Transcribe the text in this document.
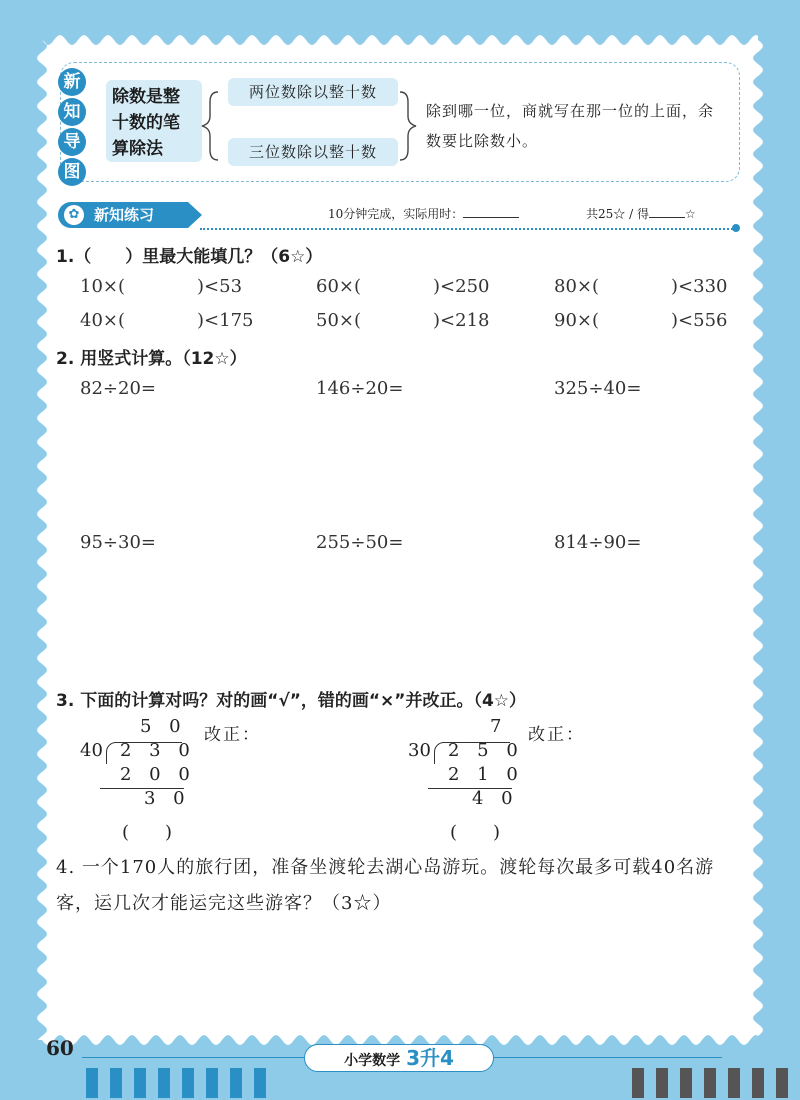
新
知
导
图
除数是整十数的笔算除法
两位数除以整十数
三位数除以整十数
除到哪一位，商就写在那一位的上面，余数要比除数小。
新知练习
✿	10分钟完成，实际用时：	共25☆ / 得	☆
1.（　　）里最大能填几？（6☆）
10×(	)<53	60×(	)<250	80×(	)<330
40×(	)<175	50×(	)<218	90×(	)<556
2. 用竖式计算。（12☆）
82÷20=	146÷20=	325÷40=
95÷30=	255÷50=	814÷90=
3. 下面的计算对吗？对的画“√”，错的画“×”并改正。（4☆）
5 0
40 2 3 0
2 0 0
3 0
改正：
(　　)
7
30 2 5 0
2 1 0
4 0
改正：
(　　)
4. 一个170人的旅行团，准备坐渡轮去湖心岛游玩。渡轮每次最多可载40名游客，运几次才能运完这些游客？（3☆）
60
小学数学 3升4
